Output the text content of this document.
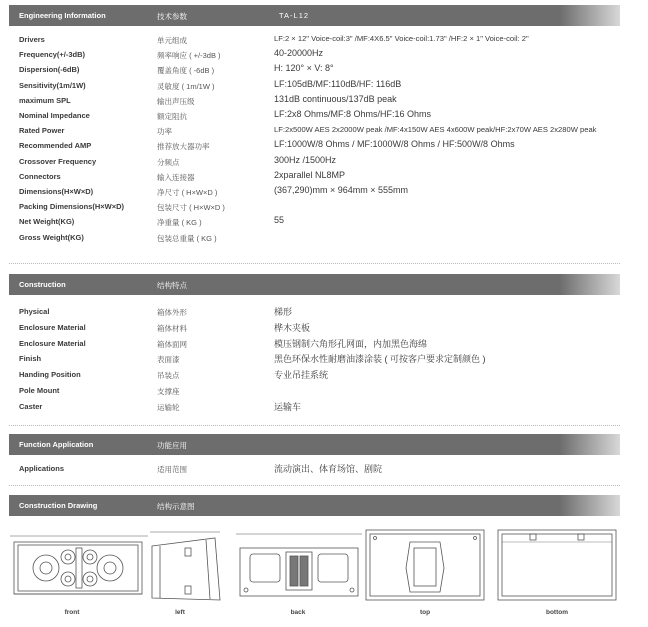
Engineering Information	技术参数	TA-L12
Drivers	单元组成	LF:2 × 12" Voice-coil:3" /MF:4X6.5" Voice-coil:1.73" /HF:2 × 1" Voice-coil: 2"
Frequency(+/-3dB)	频率响应 ( +/-3dB )	40-20000Hz
Dispersion(-6dB)	覆盖角度 ( -6dB )	H: 120° × V: 8°
Sensitivity(1m/1W)	灵敏度 ( 1m/1W )	LF:105dB/MF:110dB/HF: 116dB
maximum SPL	输出声压级	131dB continuous/137dB peak
Nominal Impedance	额定阻抗	LF:2x8 Ohms/MF:8 Ohms/HF:16 Ohms
Rated Power	功率	LF:2x500W AES 2x2000W peak /MF:4x150W AES 4x600W peak/HF:2x70W AES 2x280W peak
Recommended AMP	推荐放大器功率	LF:1000W/8 Ohms / MF:1000W/8 Ohms / HF:500W/8 Ohms
Crossover Frequency	分频点	300Hz /1500Hz
Connectors	输入连接器	2xparallel NL8MP
Dimensions(H×W×D)	净尺寸 ( H×W×D )	(367,290)mm × 964mm × 555mm
Packing Dimensions(H×W×D)	包装尺寸 ( H×W×D )
Net Weight(KG)	净重量 ( KG )	55
Gross Weight(KG)	包装总重量 ( KG )
Construction	结构特点
Physical	箱体外形	梯形
Enclosure Material	箱体材料	桦木夹板
Enclosure Material	箱体面网	模压钢制六角形孔网面，内加黑色海绵
Finish	表面漆	黑色环保水性耐磨油漆涂装 ( 可按客户要求定制颜色 )
Handing Position	吊装点	专业吊挂系统
Pole Mount	支撑座
Caster	运输轮	运输车
Function Application	功能应用
Applications	适用范围	流动演出、体育场馆、剧院
Construction Drawing	结构示意图
front	left	back	top	bottom
